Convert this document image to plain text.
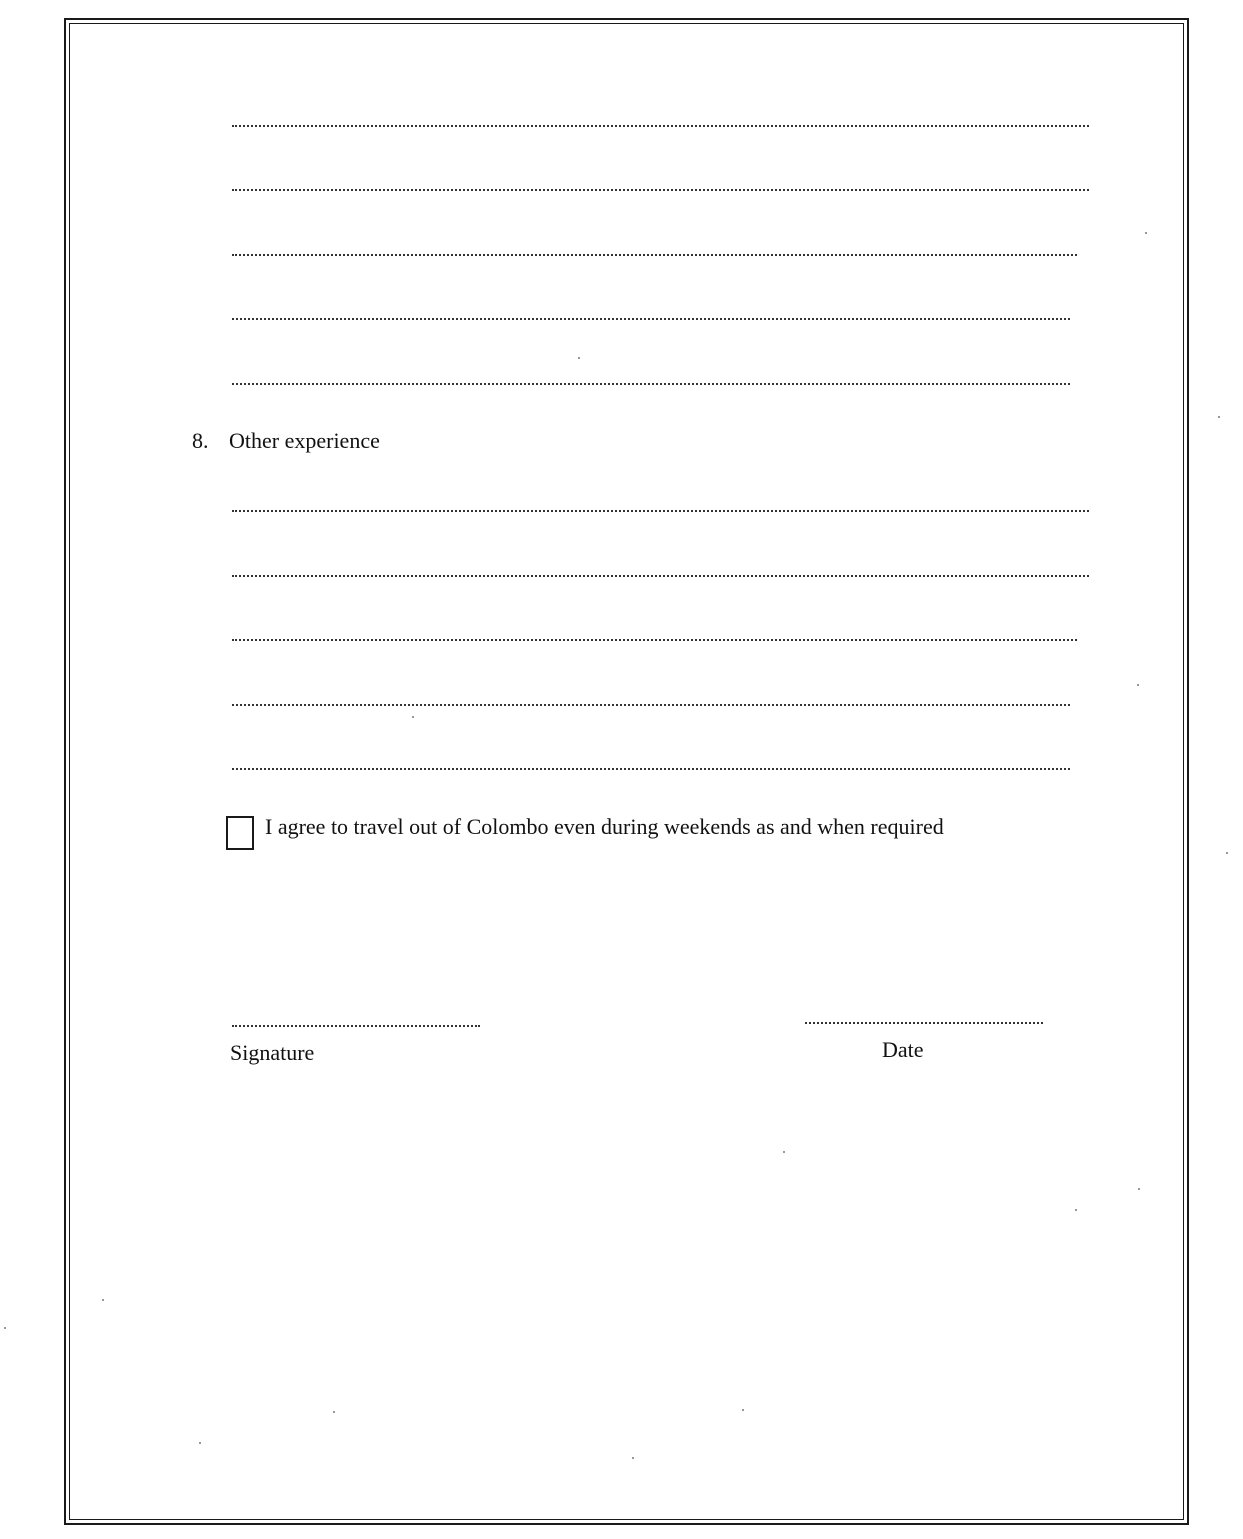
8. Other experience
I agree to travel out of Colombo even during weekends as and when required
Signature	Date
